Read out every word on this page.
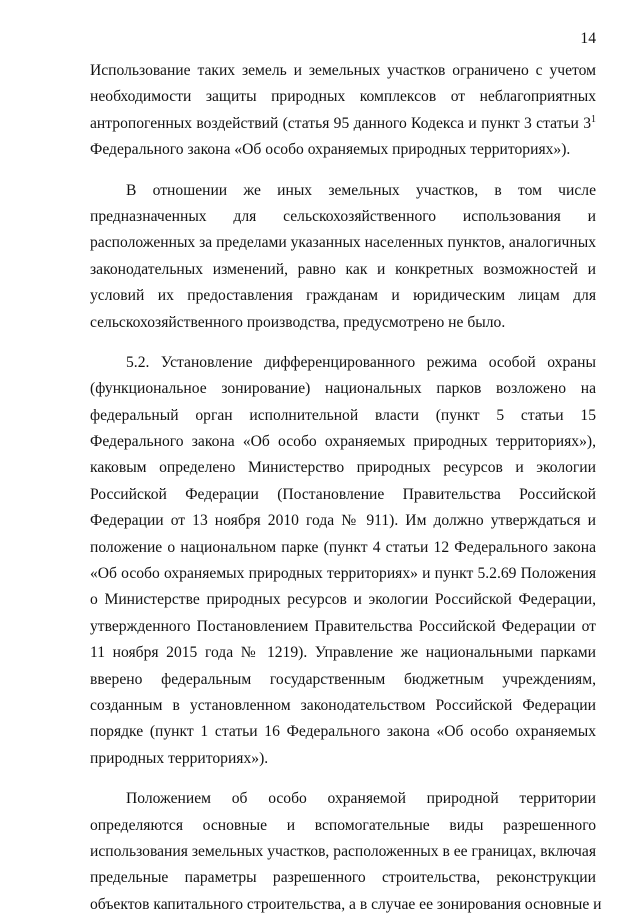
14
Использование таких земель и земельных участков ограничено с учетом
необходимости защиты природных комплексов от неблагоприятных
антропогенных воздействий (статья 95 данного Кодекса и пункт 3 статьи $3^1$
Федерального закона «Об особо охраняемых природных территориях»).
В отношении же иных земельных участков, в том числе
предназначенных для сельскохозяйственного использования и
расположенных за пределами указанных населенных пунктов, аналогичных
законодательных изменений, равно как и конкретных возможностей и
условий их предоставления гражданам и юридическим лицам для
сельскохозяйственного производства, предусмотрено не было.
5.2. Установление дифференцированного режима особой охраны
(функциональное зонирование) национальных парков возложено на
федеральный орган исполнительной власти (пункт 5 статьи 15
Федерального закона «Об особо охраняемых природных территориях»),
каковым определено Министерство природных ресурсов и экологии
Российской Федерации (Постановление Правительства Российской
Федерации от 13 ноября 2010 года № 911). Им должно утверждаться и
положение о национальном парке (пункт 4 статьи 12 Федерального закона
«Об особо охраняемых природных территориях» и пункт 5.2.69 Положения
о Министерстве природных ресурсов и экологии Российской Федерации,
утвержденного Постановлением Правительства Российской Федерации от
11 ноября 2015 года № 1219). Управление же национальными парками
вверено федеральным государственным бюджетным учреждениям,
созданным в установленном законодательством Российской Федерации
порядке (пункт 1 статьи 16 Федерального закона «Об особо охраняемых
природных территориях»).
Положением об особо охраняемой природной территории
определяются основные и вспомогательные виды разрешенного
использования земельных участков, расположенных в ее границах, включая
предельные параметры разрешенного строительства, реконструкции
объектов капитального строительства, а в случае ее зонирования основные и
